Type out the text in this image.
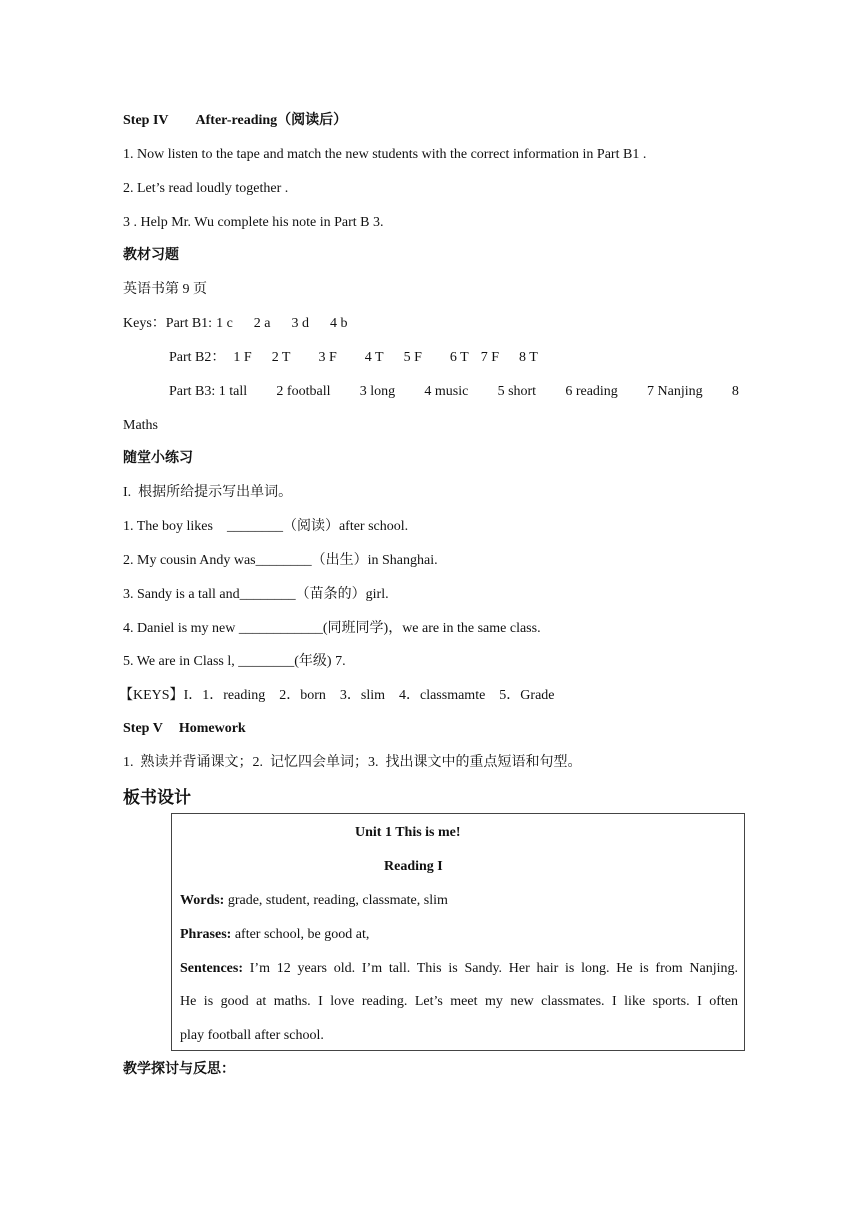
Step IV After-reading（阅读后）
1. Now listen to the tape and match the new students with the correct information in Part B1 .
2. Let’s read loudly together .
3 . Help Mr. Wu complete his note in Part B 3.
教材习题
英语书第 9 页
Keys：Part B1: 1 c 2 a 3 d 4 b
Part B2： 1 F 2 T 3 F 4 T 5 F 6 T 7 F 8 T
Part B3: 1 tall 2 football 3 long 4 music 5 short 6 reading 7 Nanjing 8
Maths
随堂小练习
I.  根据所给提示写出单词。
1. The boy likes    ________（阅读）after school.
2. My cousin Andy was________（出生）in Shanghai.
3. Sandy is a tall and________（苗条的）girl.
4. Daniel is my new ____________(同班同学)，we are in the same class.
5. We are in Class l, ________(年级) 7.
【KEYS】I．1．reading    2．born    3．slim    4．classmamte    5．Grade
Step V Homework
1.  熟读并背诵课文；2.  记忆四会单词；3.  找出课文中的重点短语和句型。
板书设计
Unit 1 This is me!
Reading I
Words: grade, student, reading, classmate, slim
Phrases: after school, be good at,
Sentences: I’m 12 years old. I’m tall. This is Sandy. Her hair is long. He is from Nanjing.
He is good at maths. I love reading. Let’s meet my new classmates. I like sports. I often
play football after school.
教学探讨与反思：
